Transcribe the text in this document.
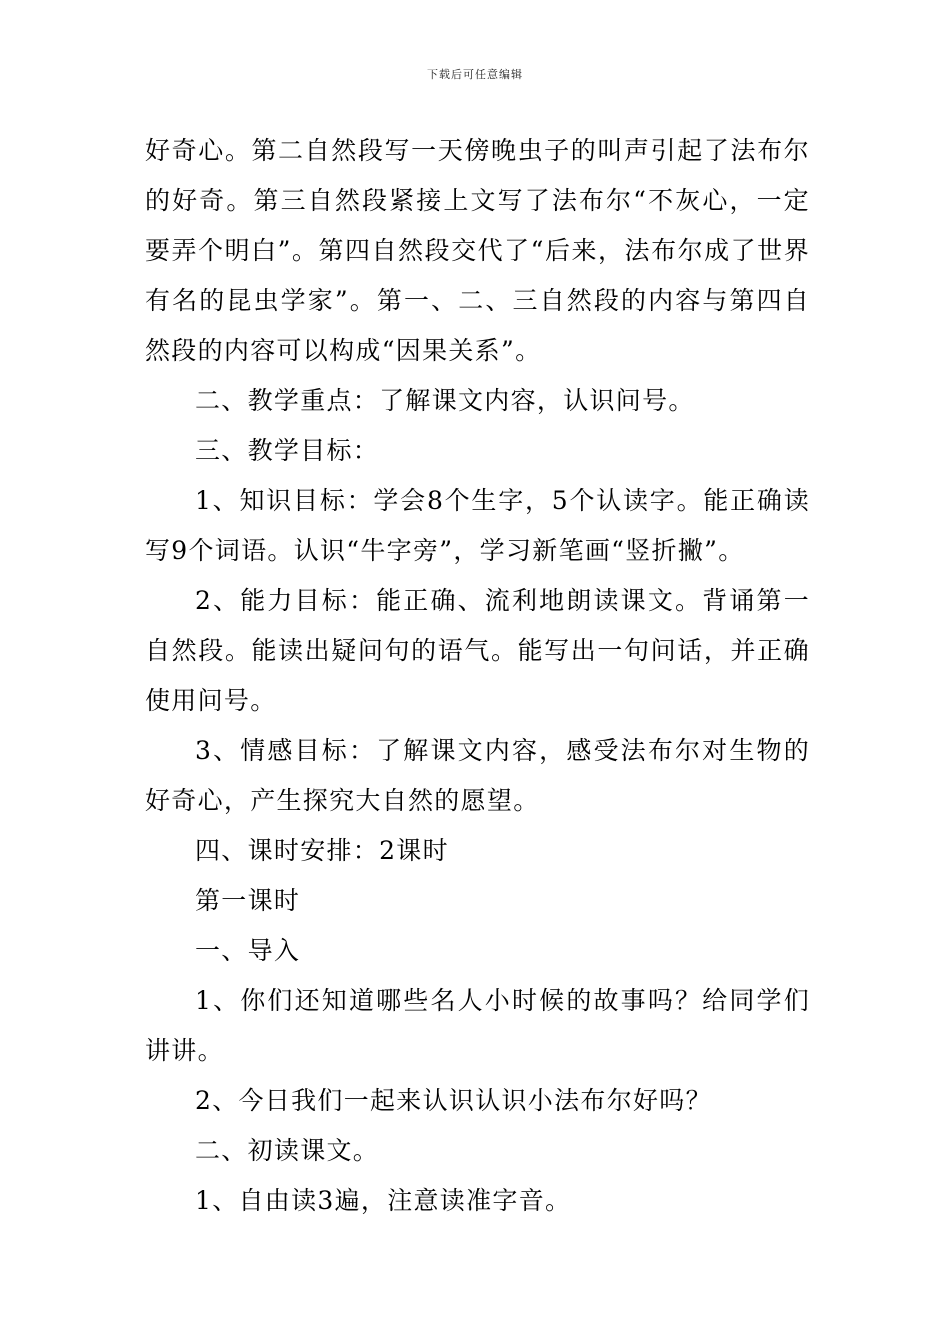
下载后可任意编辑

好奇心。第二自然段写一天傍晚虫子的叫声引起了法布尔的好奇。第三自然段紧接上文写了法布尔“不灰心，一定要弄个明白”。第四自然段交代了“后来，法布尔成了世界有名的昆虫学家”。第一、二、三自然段的内容与第四自然段的内容可以构成“因果关系”。

二、教学重点：了解课文内容，认识问号。

三、教学目标：

1、知识目标：学会8个生字，5个认读字。能正确读写9个词语。认识“牛字旁”，学习新笔画“竖折撇”。

2、能力目标：能正确、流利地朗读课文。背诵第一自然段。能读出疑问句的语气。能写出一句问话，并正确使用问号。

3、情感目标：了解课文内容，感受法布尔对生物的好奇心，产生探究大自然的愿望。

四、课时安排：2课时

第一课时

一、导入

1、你们还知道哪些名人小时候的故事吗？给同学们讲讲。

2、今日我们一起来认识认识小法布尔好吗？

二、初读课文。

1、自由读3遍，注意读准字音。
